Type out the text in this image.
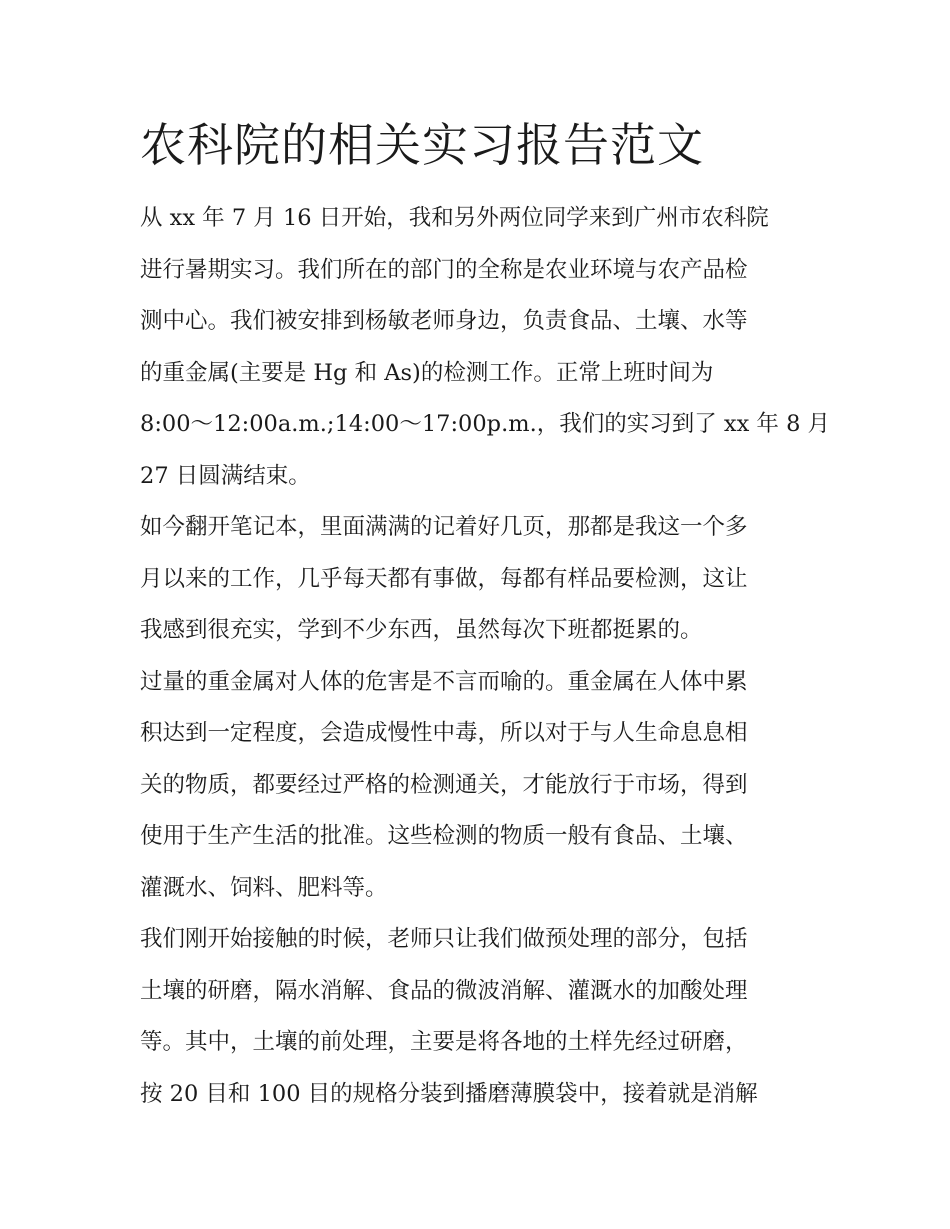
农科院的相关实习报告范文

从 xx 年 7 月 16 日开始，我和另外两位同学来到广州市农科院
进行暑期实习。我们所在的部门的全称是农业环境与农产品检
测中心。我们被安排到杨敏老师身边，负责食品、土壤、水等
的重金属(主要是 Hg 和 As)的检测工作。正常上班时间为
8:00～12:00a.m.;14:00～17:00p.m.，我们的实习到了 xx 年 8 月
27 日圆满结束。

如今翻开笔记本，里面满满的记着好几页，那都是我这一个多
月以来的工作，几乎每天都有事做，每都有样品要检测，这让
我感到很充实，学到不少东西，虽然每次下班都挺累的。

过量的重金属对人体的危害是不言而喻的。重金属在人体中累
积达到一定程度，会造成慢性中毒，所以对于与人生命息息相
关的物质，都要经过严格的检测通关，才能放行于市场，得到
使用于生产生活的批准。这些检测的物质一般有食品、土壤、
灌溉水、饲料、肥料等。

我们刚开始接触的时候，老师只让我们做预处理的部分，包括
土壤的研磨，隔水消解、食品的微波消解、灌溉水的加酸处理
等。其中，土壤的前处理，主要是将各地的土样先经过研磨，
按 20 目和 100 目的规格分装到播磨薄膜袋中，接着就是消解
